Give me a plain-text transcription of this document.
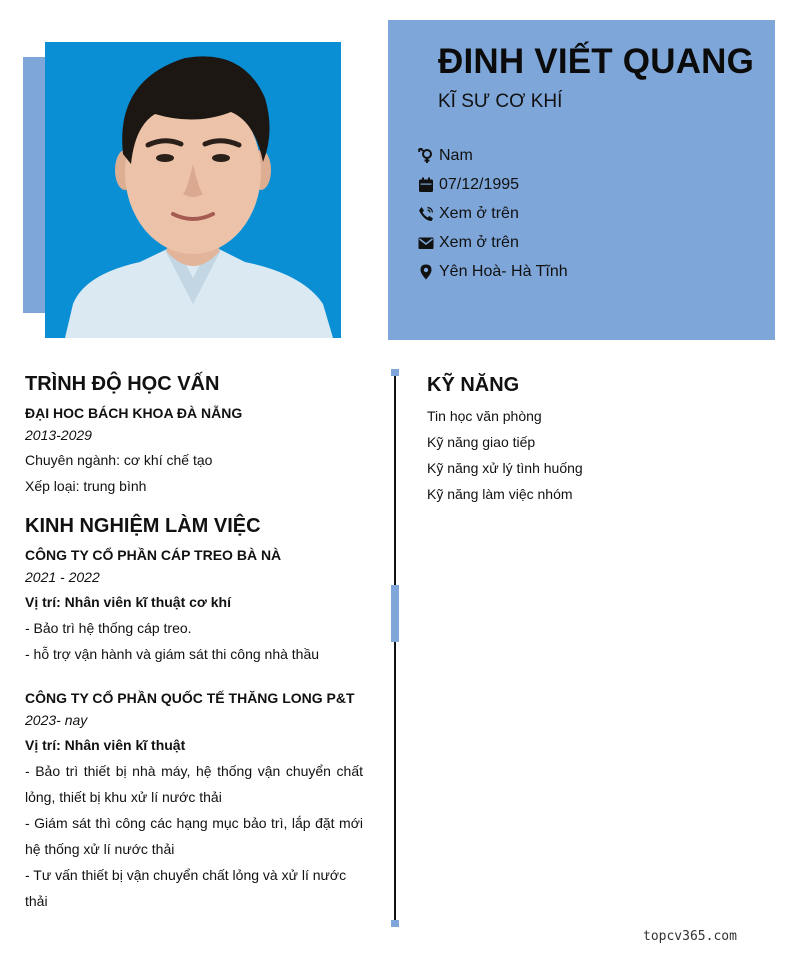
ĐINH VIẾT QUANG
KĨ SƯ CƠ KHÍ
Nam
07/12/1995
Xem ở trên
Xem ở trên
Yên Hoà- Hà Tĩnh
TRÌNH ĐỘ HỌC VẤN
ĐẠI HOC BÁCH KHOA ĐÀ NẴNG
2013-2029
Chuyên ngành: cơ khí chế tạo
Xếp loại: trung bình
KINH NGHIỆM LÀM VIỆC
CÔNG TY CỔ PHẦN CÁP TREO BÀ NÀ
2021 - 2022
Vị trí: Nhân viên kĩ thuật cơ khí
- Bảo trì hệ thống cáp treo.
- hỗ trợ vận hành và giám sát thi công nhà thầu
CÔNG TY CỔ PHẦN QUỐC TẾ THĂNG LONG P&T
2023- nay
Vị trí: Nhân viên kĩ thuật
- Bảo trì thiết bị nhà máy, hệ thống vận chuyển chất lỏng, thiết bị khu xử lí nước thải
- Giám sát thì công các hạng mục bảo trì, lắp đặt mới hệ thống xử lí nước thải
- Tư vấn thiết bị vận chuyển chất lỏng và xử lí nước thải
KỸ NĂNG
Tin học văn phòng
Kỹ năng giao tiếp
Kỹ năng xử lý tình huống
Kỹ năng làm việc nhóm
topcv365.com
